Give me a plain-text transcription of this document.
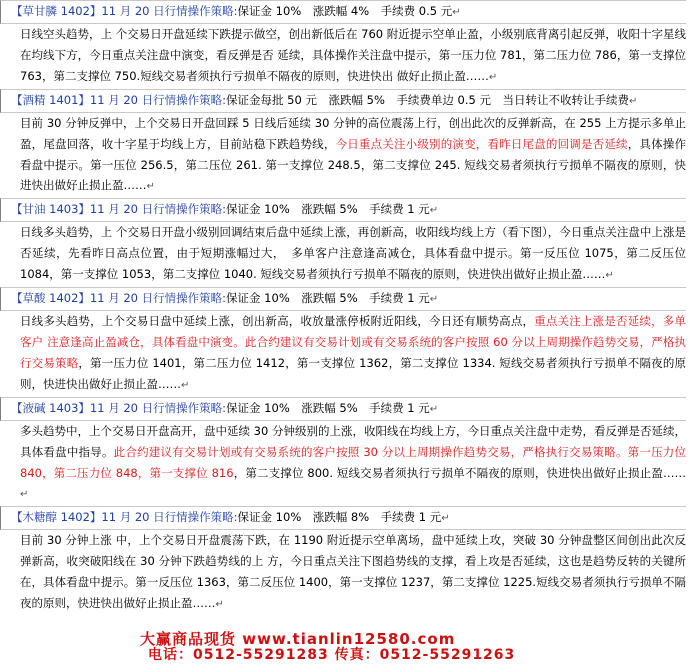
【草甘膦 1402】11 月 20 日行情操作策略:保证金 10%　涨跌幅 4%　手续费 0.5 元↵
日线空头趋势，上 个交易日开盘延续下跌提示做空，创出新低后在 760 附近提示空单止盈，小级别底背离引起反弹，收阳十字星线在均线下方，今日重点关注盘中演变，看反弹是否 延续，具体操作关注盘中提示，第一压力位 781，第二压力位 786，第一支撑位 763，第二支撑位 750.短线交易者须执行亏损单不隔夜的原则，快进快出 做好止损止盈……↵
【酒精 1401】11 月 20 日行情操作策略:保证金每批 50 元　涨跌幅 5%　手续费单边 0.5 元　当日转让不收转让手续费↵
目前 30 分钟反弹中，上个交易日开盘回踩 5 日线后延续 30 分钟的高位震荡上行，创出此次的反弹新高，在 255 上方提示多单止盈，尾盘回落，收十字星于均线上方，目前站稳下跌趋势线，今日重点关注小级别的演变，看昨日尾盘的回调是否延续，具体操作看盘中提示。第一压位 256.5，第二压位 261. 第一支撑位 248.5，第二支撑位 245. 短线交易者须执行亏损单不隔夜的原则，快进快出做好止损止盈……↵
【甘油 1403】11 月 20 日行情操作策略:保证金 10%　涨跌幅 5%　手续费 1 元↵
日线多头趋势，上 个交易日开盘小级别回调结束后盘中延续上涨，再创新高，收阳线均线上方（看下图），今日重点关注盘中上涨是否延续，先看昨日高点位置，由于短期涨幅过大，　多单客户注意逢高减仓，具体看盘中提示。第一反压位 1075，第二反压位 1084，第一支撑位 1053，第二支撑位 1040. 短线交易者须执行亏损单不隔夜的原则，快进快出做好止损止盈……↵
【草酸 1402】11 月 20 日行情操作策略:保证金 10%　涨跌幅 5%　手续费 1 元↵
日线多头趋势，上个交易日盘中延续上涨，创出新高，收放量涨停板附近阳线，今日还有顺势高点，重点关注上涨是否延续，多单客户 注意逢高止盈减仓，具体看盘中演变。此合约建议有交易计划或有交易系统的客户按照 60 分以上周期操作趋势交易，严格执行交易策略，第一压力位 1401，第二压力位 1412，第一支撑位 1362，第二支撑位 1334. 短线交易者须执行亏损单不隔夜的原则，快进快出做好止损止盈……↵
【液碱 1403】11 月 20 日行情操作策略:保证金 10%　涨跌幅 5%　手续费 1 元↵
多头趋势中，上个交易日开盘高开，盘中延续 30 分钟级别的上涨，收阳线在均线上方，今日重点关注盘中走势，看反弹是否延续，具体看盘中指导。此合约建议有交易计划或有交易系统的客户按照 30 分以上周期操作趋势交易，严格执行交易策略。第一压力位 840，第二压力位 848，第一支撑位 816，第二支撑位 800. 短线交易者须执行亏损单不隔夜的原则，快进快出做好止损止盈……↵
【木糖醇 1402】11 月 20 日行情操作策略:保证金 10%　涨跌幅 8%　手续费 1 元↵
目前 30 分钟上涨 中，上个交易日开盘震荡下跌，在 1190 附近提示空单离场，盘中延续上攻，突破 30 分钟盘整区间创出此次反弹新高，收突破阳线在 30 分钟下跌趋势线的上 方，今日重点关注下图趋势线的支撑，看上攻是否延续，这也是趋势反转的关键所在，具体看盘中提示。第一反压位 1363，第二反压位 1400，第一支撑位 1237，第二支撑位 1225.短线交易者须执行亏损单不隔夜的原则，快进快出做好止损止盈……↵
大赢商品现货 www.tianlin12580.com
电话：0512-55291283 传真：0512-55291263
